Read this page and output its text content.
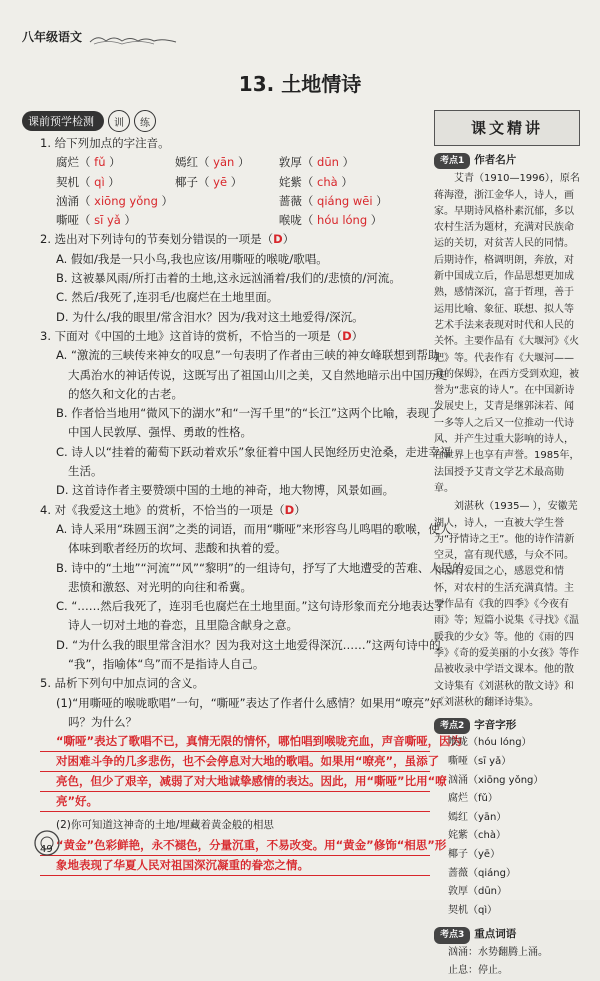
八年级语文
13. 土地情诗
课前预学检测	训	练
1. 给下列加点的字注音。
腐烂（ fǔ ）	嫣红（ yān ）	敦厚（ dūn ）
契机（ qì ）	椰子（ yē ）	姹紫（ chà ）
汹涌（ xiōng yǒng ）	蔷薇（ qiáng wēi ）
嘶哑（ sī yǎ ）	喉咙（ hóu lóng ）
2. 选出对下列诗句的节奏划分错误的一项是（D）
A. 假如/我是一只小鸟,我也应该/用嘶哑的喉咙/歌唱。
B. 这被暴风雨/所打击着的土地,这永远汹涌着/我们的/悲愤的/河流。
C. 然后/我死了,连羽毛/也腐烂在土地里面。
D. 为什么/我的眼里/常含泪水？因为/我对这土地爱得/深沉。
3. 下面对《中国的土地》这首诗的赏析，不恰当的一项是（D）
A. “激流的三峡传来神女的叹息”一句表明了作者由三峡的神女峰联想到帮助
大禹治水的神话传说，这既写出了祖国山川之美，又自然地暗示出中国历史
的悠久和文化的古老。
B. 作者恰当地用“微风下的湖水”和“一泻千里”的“长江”这两个比喻，表现了
中国人民敦厚、强悍、勇敢的性格。
C. 诗人以“挂着的葡萄下跃动着欢乐”象征着中国人民饱经历史沧桑，走进幸福
生活。
D. 这首诗作者主要赞颂中国的土地的神奇，地大物博，风景如画。
4. 对《我爱这土地》的赏析，不恰当的一项是（D）
A. 诗人采用“珠圆玉润”之类的词语，而用“嘶哑”来形容鸟儿鸣唱的歌喉，使人
体味到歌者经历的坎坷、悲酸和执着的爱。
B. 诗中的“土地”“河流”“风”“黎明”的一组诗句，抒写了大地遭受的苦难、人民的
悲愤和激怒、对光明的向往和希冀。
C. “……然后我死了，连羽毛也腐烂在土地里面。”这句诗形象而充分地表达了
诗人一切对土地的眷恋，且里隐含献身之意。
D. “为什么我的眼里常含泪水？因为我对这土地爱得深沉……”这两句诗中的
“我”，指喻体“鸟”而不是指诗人自己。
5. 品析下列句中加点词的含义。
(1)“用嘶哑的喉咙歌唱”一句，“嘶哑”表达了作者什么感情？如果用“嘹亮”好
吗？为什么？
“嘶哑”表达了歌唱不已，真情无限的情怀，哪怕唱到喉咙充血，声音嘶哑，因为
对困难斗争的几多悲伤，也不会停息对大地的歌唱。如果用“嘹亮”，虽添了
亮色，但少了艰辛，减弱了对大地诚挚感情的表达。因此，用“嘶哑”比用“嘹
亮”好。
(2)你可知道这神奇的土地/埋藏着黄金般的相思
“黄金”色彩鲜艳，永不褪色，分量沉重，不易改变。用“黄金”修饰“相思”形
象地表现了华夏人民对祖国深沉凝重的眷恋之情。
课文精讲
考点1 作者名片

艾青（1910—1996），原名蒋海澄，浙江金华人，诗人，画家。早期诗风格朴素沉郁，多以农村生活为题材，充满对民族命运的关切，对贫苦人民的同情。后期诗作，格调明朗，奔放，对新中国成立后，作品思想更加成熟，感情深沉，富于哲理，善于运用比喻、象征、联想、拟人等艺术手法来表现对时代和人民的关怀。主要作品有《大堰河》《火把》等。代表作有《大堰河——我的保姆》，在西方受到欢迎，被誉为“悲哀的诗人”。在中国新诗发展史上，艾青是继郭沫若、闻一多等人之后又一位推动一代诗风、并产生过重大影响的诗人，在世界上也享有声誉。1985年，法国授予艾青文学艺术最高勋章。

刘湛秋（1935— ），安徽芜湖人，诗人，一直被大学生誉为“抒情诗之王”。他的诗作清新空灵，富有现代感，与众不同。作品有爱国之心，感恩党和情怀，对农村的生活充满真情。主要作品有《我的四季》《今夜有雨》等；短篇小说集《寻找》《温暖我的少女》等。他的《雨的四季》《奇的爱美丽的小女孩》等作品被收录中学语文课本。他的散文诗集有《刘湛秋的散文诗》和《刘湛秋的翻译诗集》。

考点2 字音字形
喉咙（hóu lóng）
嘶哑（sī yǎ）
汹涌（xiōng yǒng）
腐烂（fǔ）
嫣红（yān）
姹紫（chà）
椰子（yē）
蔷薇（qiáng）
敦厚（dūn）
契机（qì）
考点3 重点词语
汹涌：水势翻腾上涌。
止息：停止。
49
